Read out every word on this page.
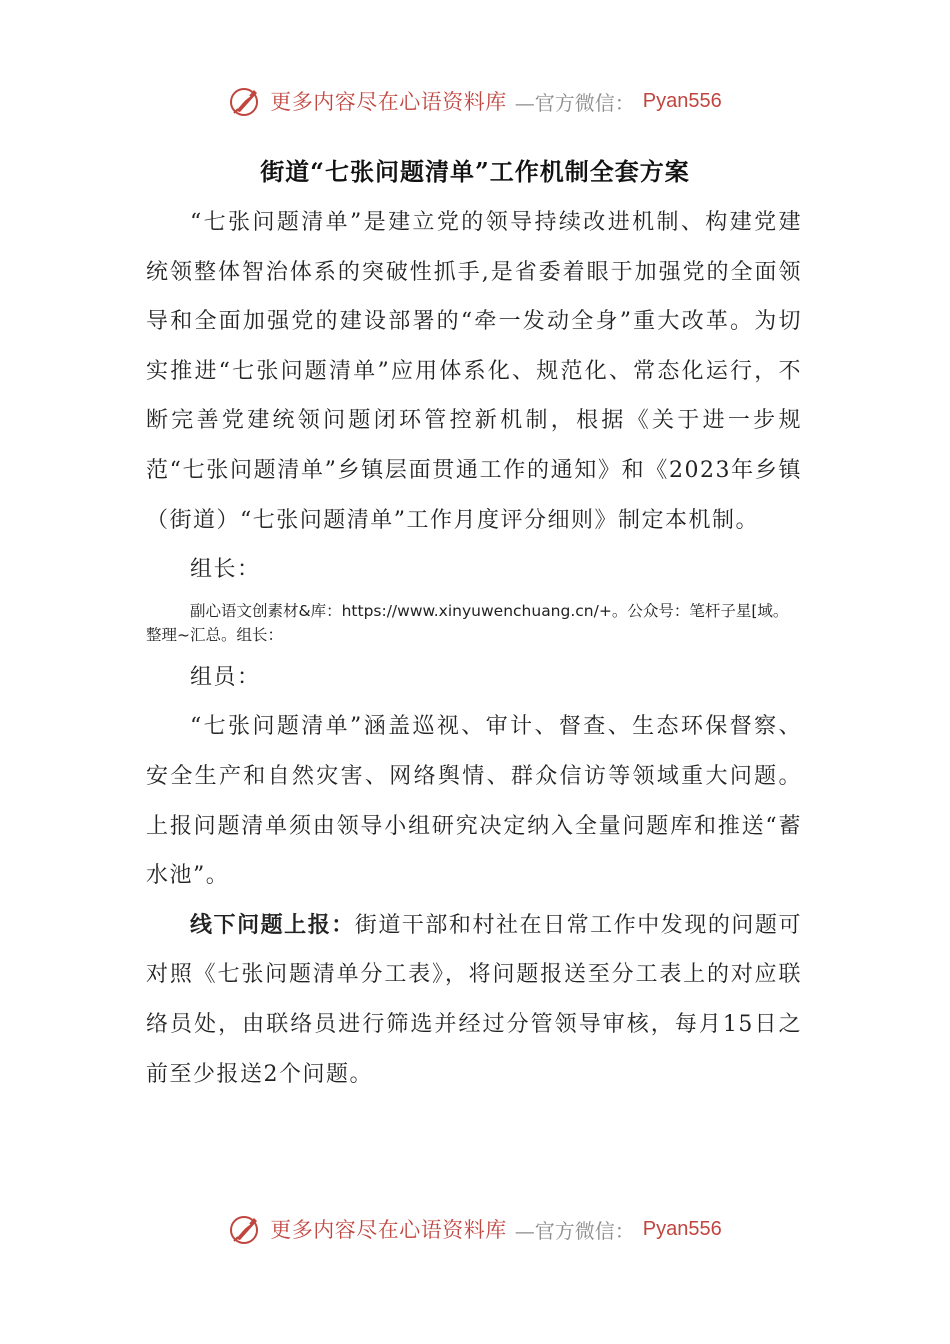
更多内容尽在心语资料库 —官方微信： Pyan556
街道“七张问题清单”工作机制全套方案

“七张问题清单”是建立党的领导持续改进机制、构建党建统领整体智治体系的突破性抓手,是省委着眼于加强党的全面领导和全面加强党的建设部署的“牵一发动全身”重大改革。为切实推进“七张问题清单”应用体系化、规范化、常态化运行，不断完善党建统领问题闭环管控新机制，根据《关于进一步规范“七张问题清单”乡镇层面贯通工作的通知》和《2023年乡镇（街道）“七张问题清单”工作月度评分细则》制定本机制。

组长：

副心语文创素材&库：https://www.xinyuwenchuang.cn/+。公众号：笔杆子星[域。整理~汇总。组长：

组员：

“七张问题清单”涵盖巡视、审计、督查、生态环保督察、安全生产和自然灾害、网络舆情、群众信访等领域重大问题。上报问题清单须由领导小组研究决定纳入全量问题库和推送“蓄水池”。

线下问题上报：街道干部和村社在日常工作中发现的问题可对照《七张问题清单分工表》，将问题报送至分工表上的对应联络员处，由联络员进行筛选并经过分管领导审核，每月15日之前至少报送2个问题。

更多内容尽在心语资料库 —官方微信： Pyan556
